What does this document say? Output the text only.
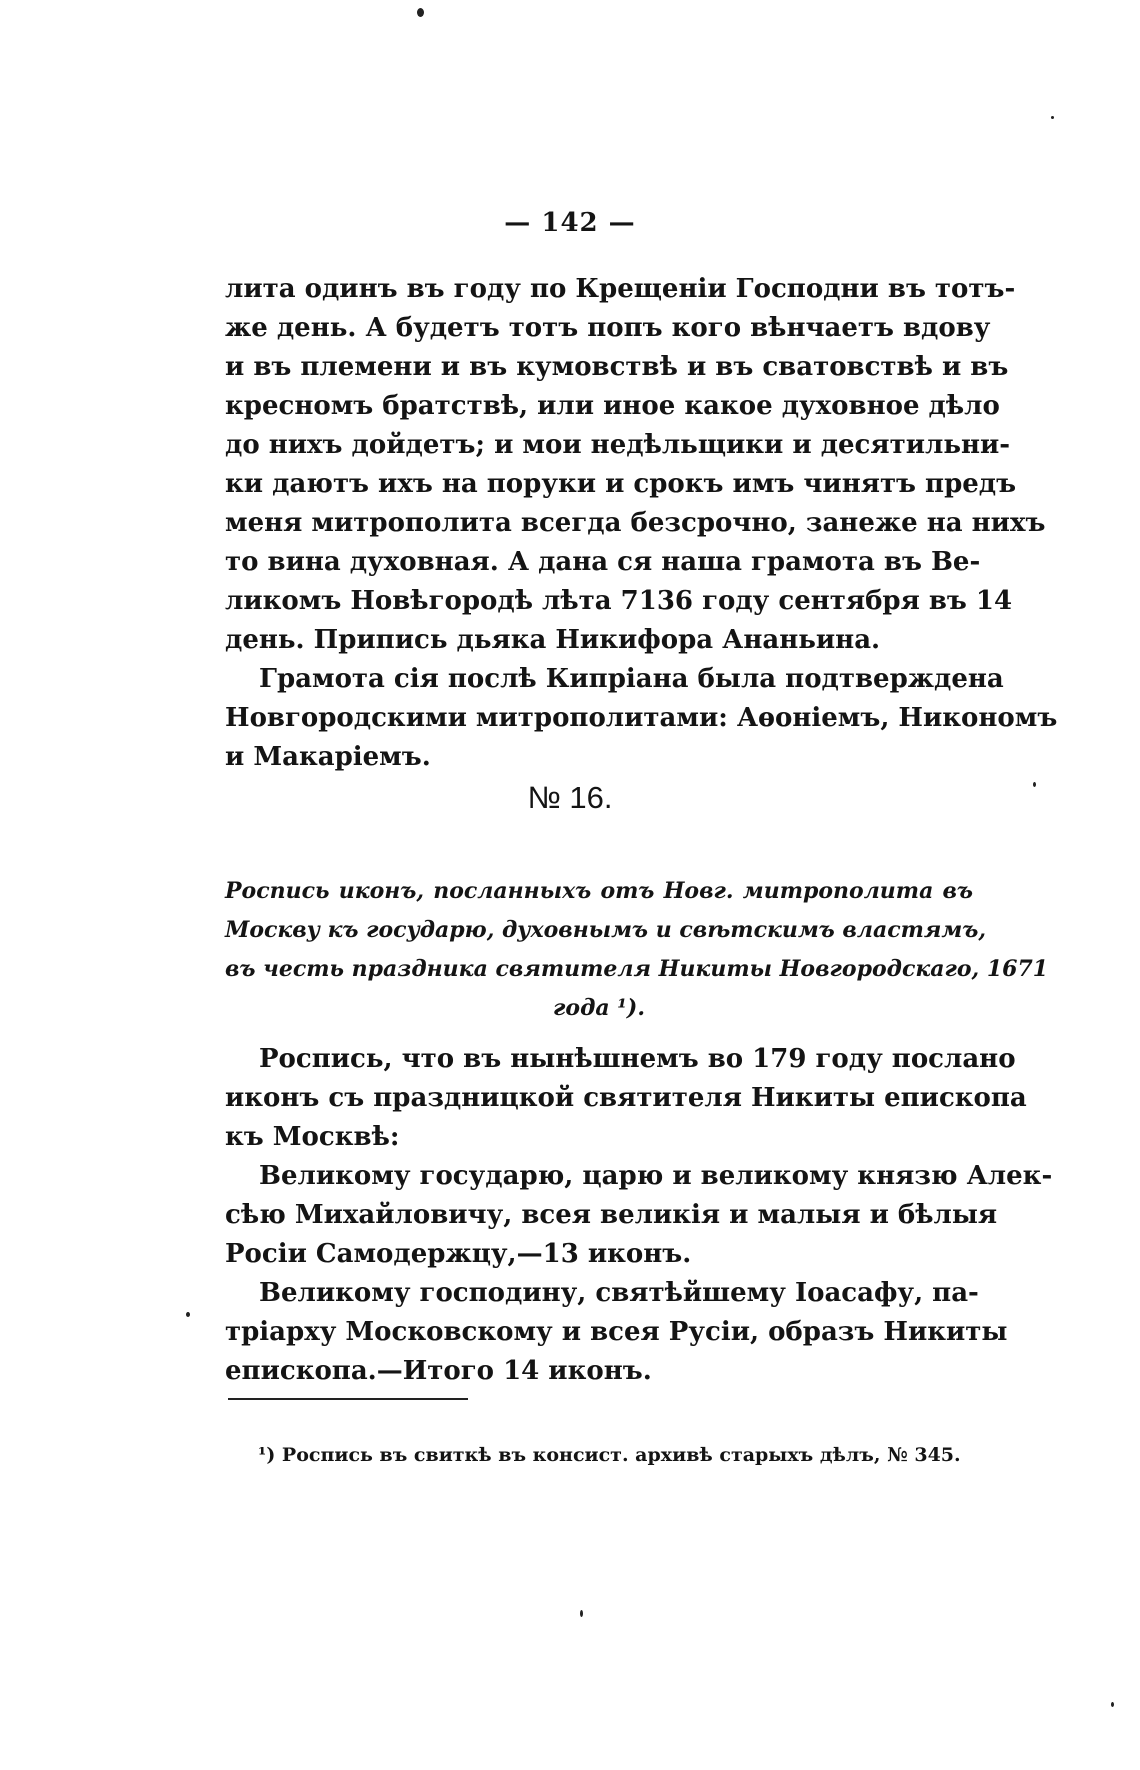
— 142 —
лита одинъ въ году по Крещеніи Господни въ тотъ-
же день. А будетъ тотъ попъ кого вѣнчаетъ вдову
и въ племени и въ кумовствѣ и въ сватовствѣ и въ
кресномъ братствѣ, или иное какое духовное дѣло
до нихъ дойдетъ; и мои недѣльщики и десятильни-
ки даютъ ихъ на поруки и срокъ имъ чинятъ предъ
меня митрополита всегда безсрочно, занеже на нихъ
то вина духовная. А дана ся наша грамота въ Ве-
ликомъ Новѣгородѣ лѣта 7136 году сентября въ 14
день. Припись дьяка Никифора Ананьина.
Грамота сія послѣ Кипріана была подтверждена
Новгородскими митрополитами: Аѳоніемъ, Никономъ
и Макаріемъ.
№ 16.
Роспись иконъ, посланныхъ отъ Новг. митрополита въ
Москву къ государю, духовнымъ и свѣтскимъ властямъ,
въ честь праздника святителя Никиты Новгородскаго, 1671
года ¹).
Роспись, что въ нынѣшнемъ во 179 году послано
иконъ съ праздницкой святителя Никиты епископа
къ Москвѣ:
Великому государю, царю и великому князю Алек-
сѣю Михайловичу, всея великія и малыя и бѣлыя
Росіи Самодержцу,—13 иконъ.
Великому господину, святѣйшему Іоасафу, па-
тріарху Московскому и всея Русіи, образъ Никиты
епископа.—Итого 14 иконъ.
¹) Роспись въ свиткѣ въ консист. архивѣ старыхъ дѣлъ, № 345.
